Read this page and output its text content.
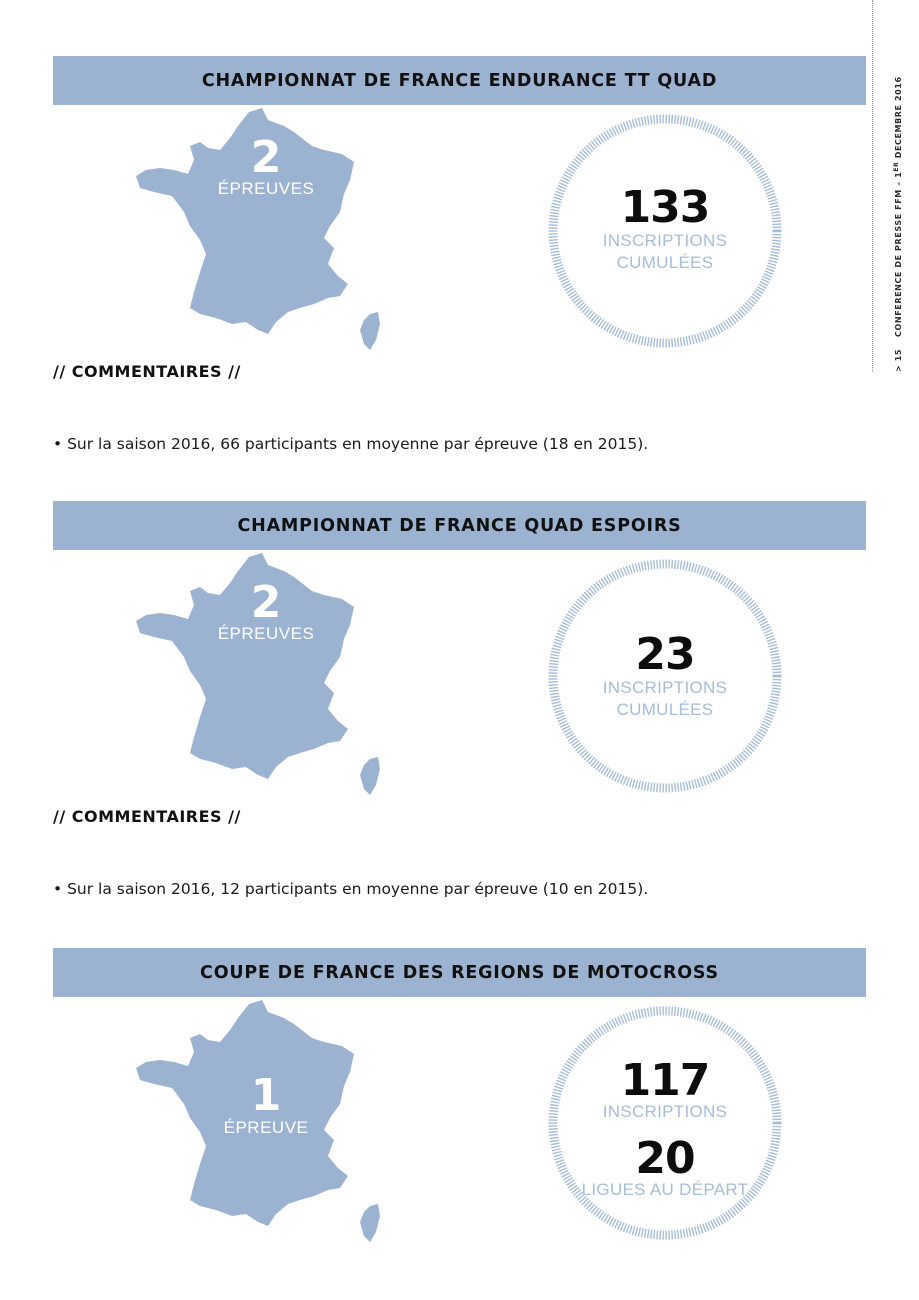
> 15CONFERENCE DE PRESSE FFM – 1ER DECEMBRE 2016
CHAMPIONNAT DE FRANCE ENDURANCE TT QUAD
2
ÉPREUVES	133
INSCRIPTIONS
CUMULÉES
// COMMENTAIRES //
• Sur la saison 2016, 66 participants en moyenne par épreuve (18 en 2015).
CHAMPIONNAT DE FRANCE QUAD ESPOIRS
2
ÉPREUVES	23
INSCRIPTIONS
CUMULÉES
// COMMENTAIRES //
• Sur la saison 2016, 12 participants en moyenne par épreuve (10 en 2015).
COUPE DE FRANCE DES REGIONS DE MOTOCROSS
1
ÉPREUVE
117
INSCRIPTIONS
20
LIGUES AU DÉPART
